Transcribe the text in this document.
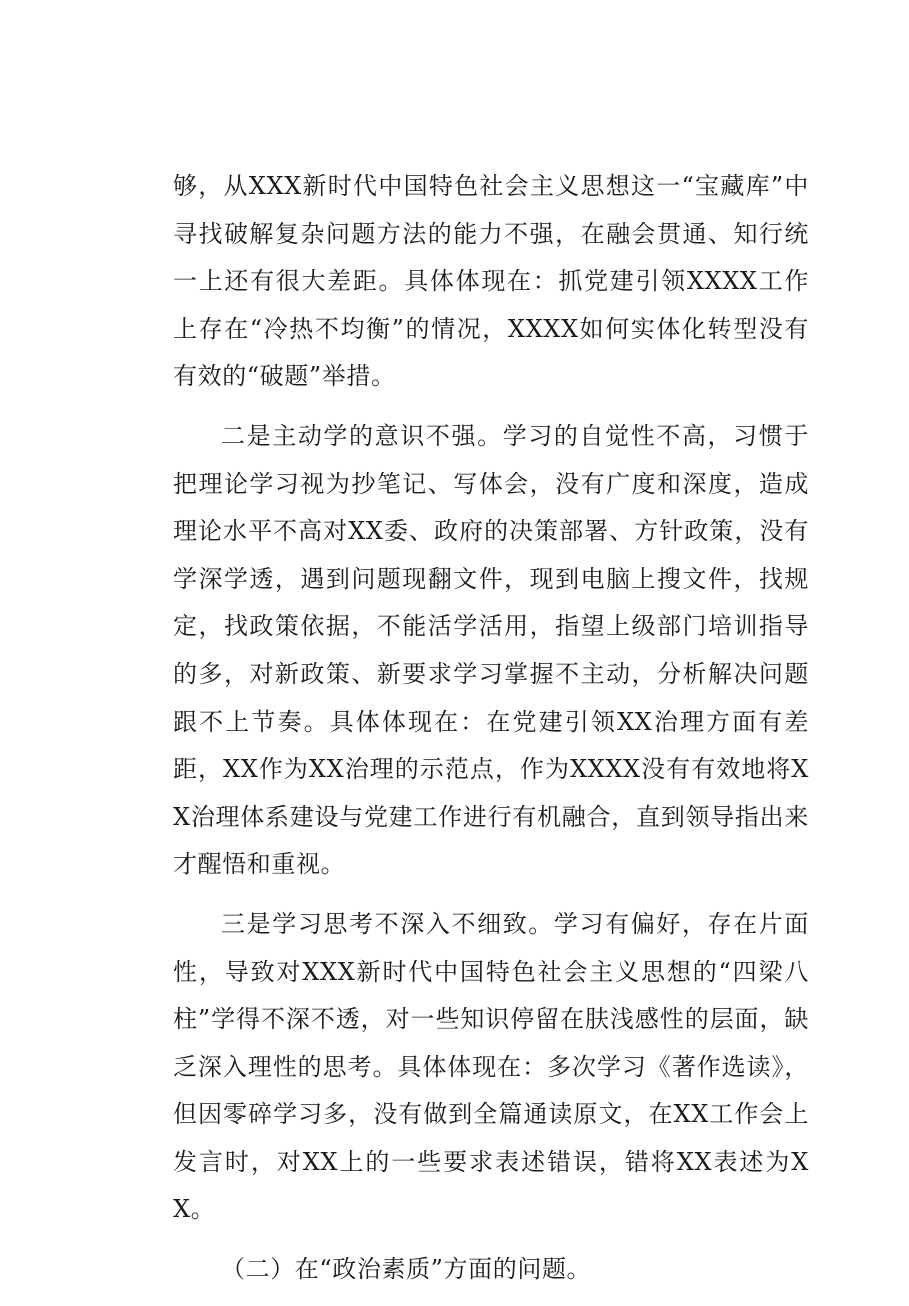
够，从XXX新时代中国特色社会主义思想这一“宝藏库”中寻找破解复杂问题方法的能力不强，在融会贯通、知行统一上还有很大差距。具体体现在：抓党建引领XXXX工作上存在“冷热不均衡”的情况，XXXX如何实体化转型没有有效的“破题”举措。

二是主动学的意识不强。学习的自觉性不高，习惯于把理论学习视为抄笔记、写体会，没有广度和深度，造成理论水平不高对XX委、政府的决策部署、方针政策，没有学深学透，遇到问题现翻文件，现到电脑上搜文件，找规定，找政策依据，不能活学活用，指望上级部门培训指导的多，对新政策、新要求学习掌握不主动，分析解决问题跟不上节奏。具体体现在：在党建引领XX治理方面有差距，XX作为XX治理的示范点，作为XXXX没有有效地将XX治理体系建设与党建工作进行有机融合，直到领导指出来才醒悟和重视。

三是学习思考不深入不细致。学习有偏好，存在片面性，导致对XXX新时代中国特色社会主义思想的“四梁八柱”学得不深不透，对一些知识停留在肤浅感性的层面，缺乏深入理性的思考。具体体现在：多次学习《著作选读》，但因零碎学习多，没有做到全篇通读原文，在XX工作会上发言时，对XX上的一些要求表述错误，错将XX表述为XX。

（二）在“政治素质”方面的问题。
